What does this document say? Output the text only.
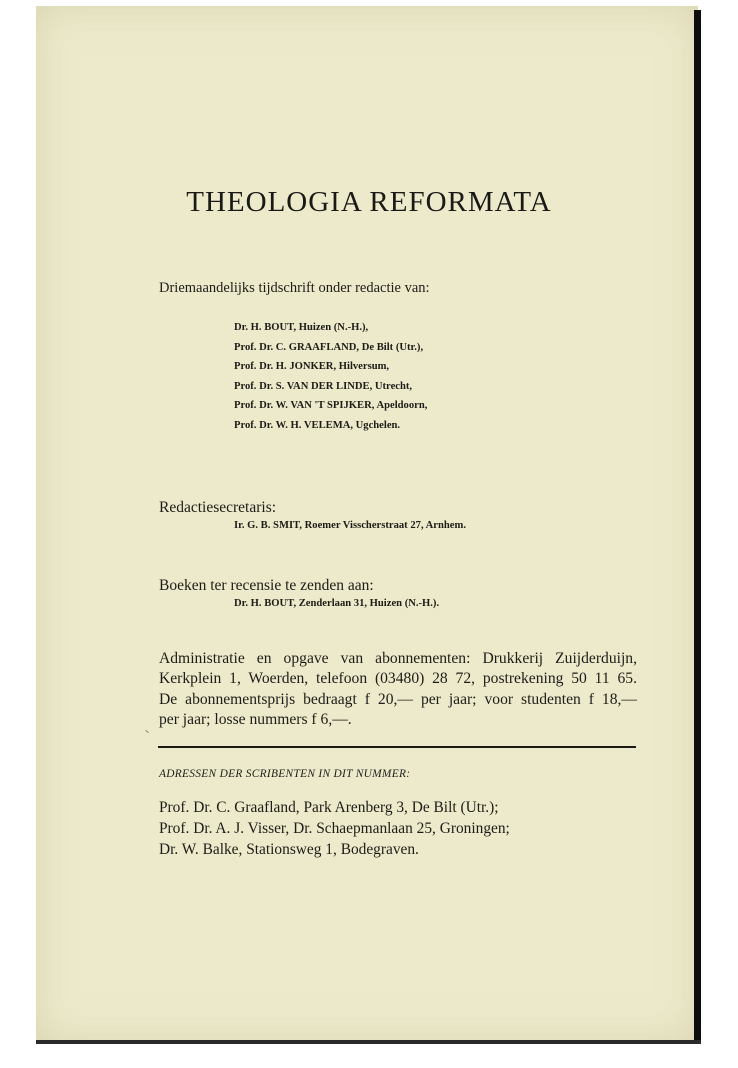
THEOLOGIA REFORMATA
Driemaandelijks tijdschrift onder redactie van:
Dr. H. BOUT, Huizen (N.-H.),
Prof. Dr. C. GRAAFLAND, De Bilt (Utr.),
Prof. Dr. H. JONKER, Hilversum,
Prof. Dr. S. VAN DER LINDE, Utrecht,
Prof. Dr. W. VAN 'T SPIJKER, Apeldoorn,
Prof. Dr. W. H. VELEMA, Ugchelen.
Redactiesecretaris:
Ir. G. B. SMIT, Roemer Visscherstraat 27, Arnhem.
Boeken ter recensie te zenden aan:
Dr. H. BOUT, Zenderlaan 31, Huizen (N.-H.).

Administratie en opgave van abonnementen: Drukkerij Zuijderduijn,
Kerkplein 1, Woerden, telefoon (03480) 28 72, postrekening 50 11 65.
De abonnementsprijs bedraagt f 20,— per jaar; voor studenten f 18,—
per jaar; losse nummers f 6,—.

ADRESSEN DER SCRIBENTEN IN DIT NUMMER:
Prof. Dr. C. Graafland, Park Arenberg 3, De Bilt (Utr.);
Prof. Dr. A. J. Visser, Dr. Schaepmanlaan 25, Groningen;
Dr. W. Balke, Stationsweg 1, Bodegraven.
